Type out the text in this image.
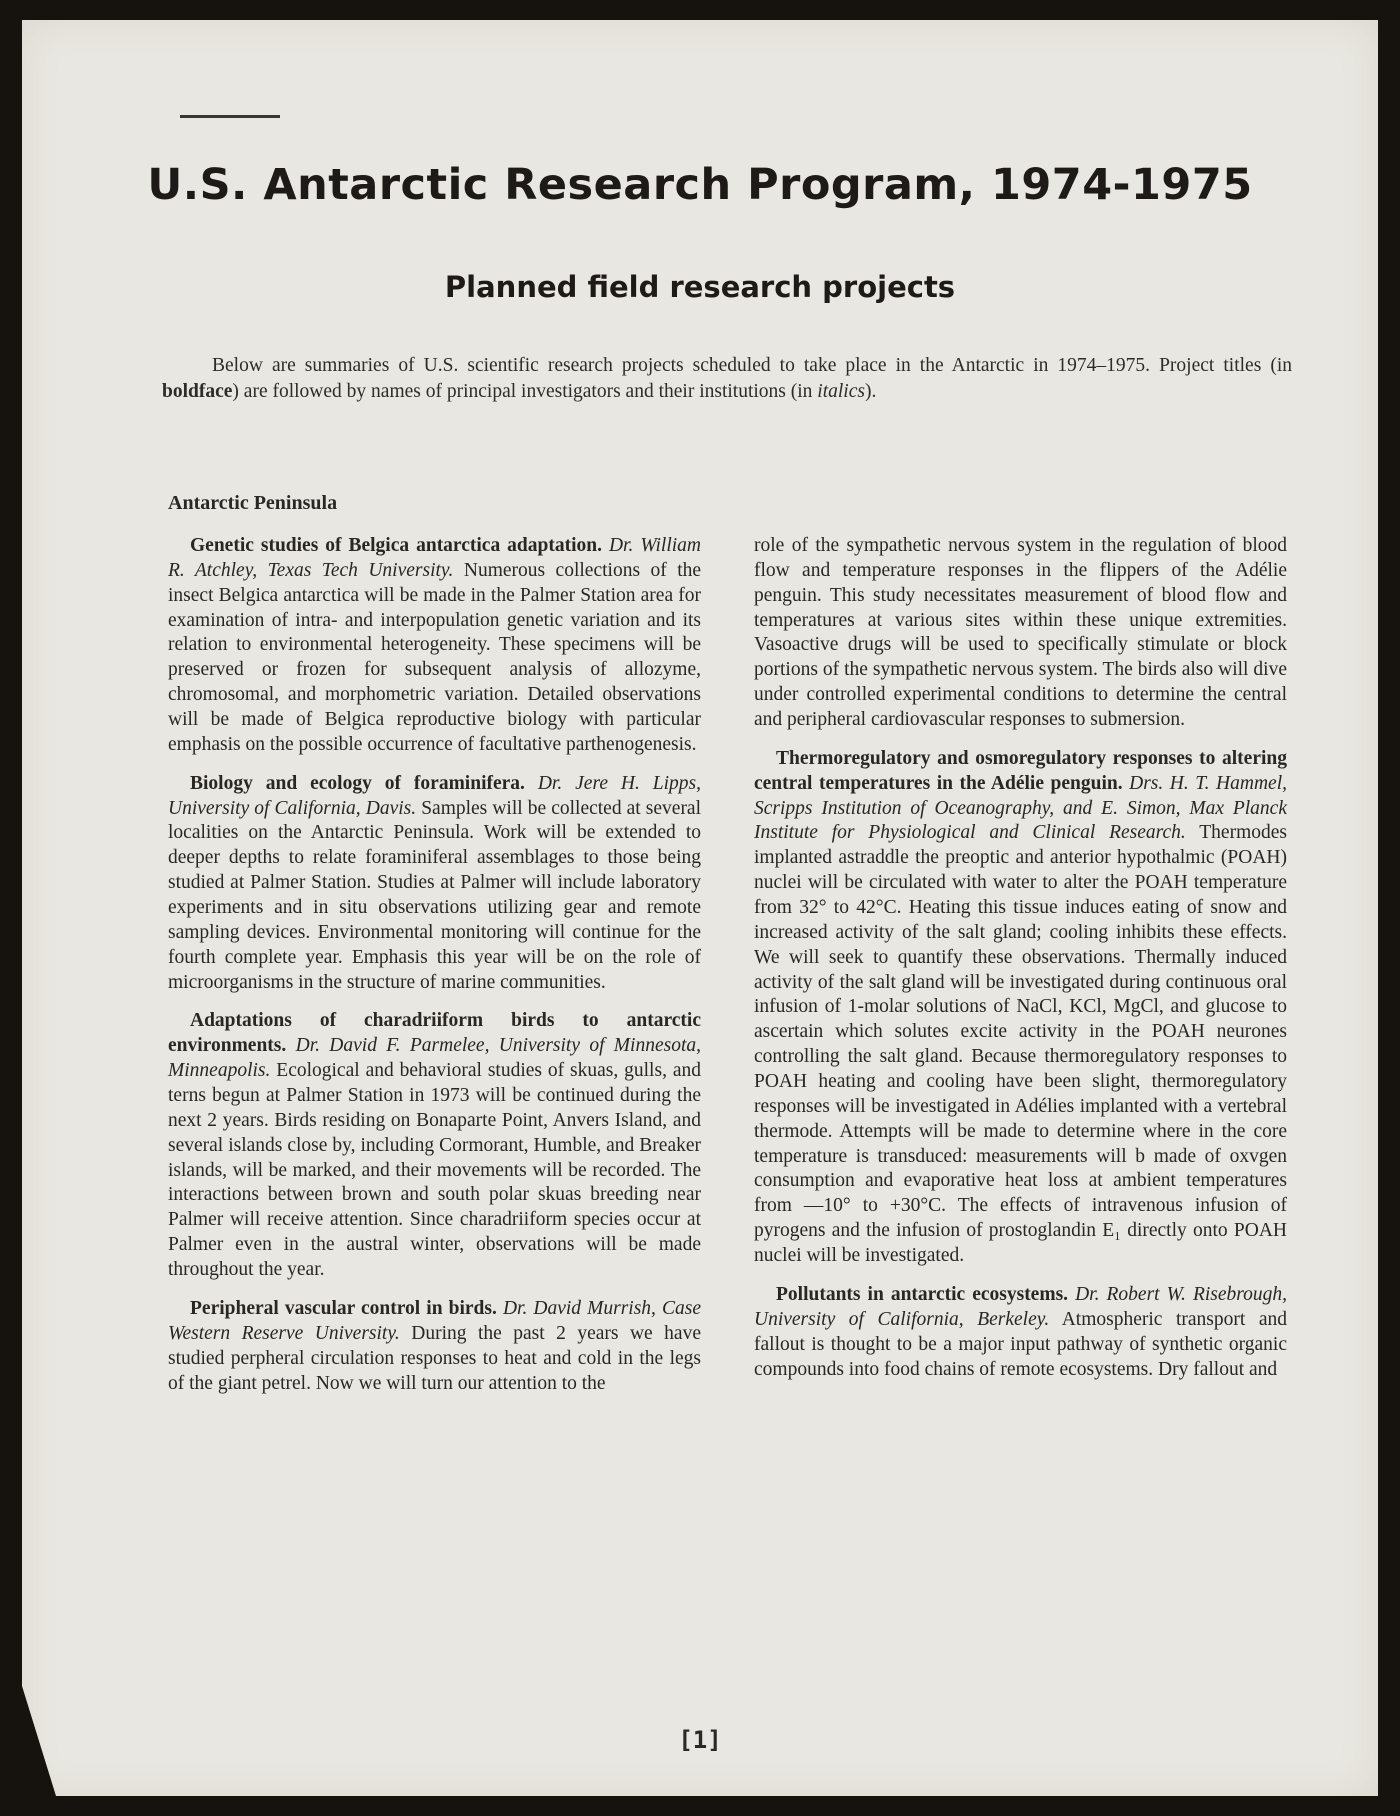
U.S. Antarctic Research Program, 1974-1975
Planned field research projects

Below are summaries of U.S. scientific research projects scheduled to take place in the Antarctic in 1974–1975. Project titles (in boldface) are followed by names of principal investigators and their institutions (in italics).

Antarctic Peninsula

Genetic studies of Belgica antarctica adaptation. Dr. William R. Atchley, Texas Tech University. Numerous collections of the insect Belgica antarctica will be made in the Palmer Station area for examination of intra- and interpopulation genetic variation and its relation to environmental heterogeneity. These specimens will be preserved or frozen for subsequent analysis of allozyme, chromosomal, and morphometric variation. Detailed observations will be made of Belgica reproductive biology with particular emphasis on the possible occurrence of facultative parthenogenesis.

Biology and ecology of foraminifera. Dr. Jere H. Lipps, University of California, Davis. Samples will be collected at several localities on the Antarctic Peninsula. Work will be extended to deeper depths to relate foraminiferal assemblages to those being studied at Palmer Station. Studies at Palmer will include laboratory experiments and in situ observations utilizing gear and remote sampling devices. Environmental monitoring will continue for the fourth complete year. Emphasis this year will be on the role of microorganisms in the structure of marine communities.

Adaptations of charadriiform birds to antarctic environments. Dr. David F. Parmelee, University of Minnesota, Minneapolis. Ecological and behavioral studies of skuas, gulls, and terns begun at Palmer Station in 1973 will be continued during the next 2 years. Birds residing on Bonaparte Point, Anvers Island, and several islands close by, including Cormorant, Humble, and Breaker islands, will be marked, and their movements will be recorded. The interactions between brown and south polar skuas breeding near Palmer will receive attention. Since charadriiform species occur at Palmer even in the austral winter, observations will be made throughout the year.

Peripheral vascular control in birds. Dr. David Murrish, Case Western Reserve University. During the past 2 years we have studied perpheral circulation responses to heat and cold in the legs of the giant petrel. Now we will turn our attention to the

role of the sympathetic nervous system in the regulation of blood flow and temperature responses in the flippers of the Adélie penguin. This study necessitates measurement of blood flow and temperatures at various sites within these unique extremities. Vasoactive drugs will be used to specifically stimulate or block portions of the sympathetic nervous system. The birds also will dive under controlled experimental conditions to determine the central and peripheral cardiovascular responses to submersion.

Thermoregulatory and osmoregulatory responses to altering central temperatures in the Adélie penguin. Drs. H. T. Hammel, Scripps Institution of Oceanography, and E. Simon, Max Planck Institute for Physiological and Clinical Research. Thermodes implanted astraddle the preoptic and anterior hypothalmic (POAH) nuclei will be circulated with water to alter the POAH temperature from 32° to 42°C. Heating this tissue induces eating of snow and increased activity of the salt gland; cooling inhibits these effects. We will seek to quantify these observations. Thermally induced activity of the salt gland will be investigated during continuous oral infusion of 1-molar solutions of NaCl, KCl, MgCl, and glucose to ascertain which solutes excite activity in the POAH neurones controlling the salt gland. Because thermoregulatory responses to POAH heating and cooling have been slight, thermoregulatory responses will be investigated in Adélies implanted with a vertebral thermode. Attempts will be made to determine where in the core temperature is transduced: measurements will b made of oxvgen consumption and evaporative heat loss at ambient temperatures from —10° to +30°C. The effects of intravenous infusion of pyrogens and the infusion of prostoglandin E₁ directly onto POAH nuclei will be investigated.

Pollutants in antarctic ecosystems. Dr. Robert W. Risebrough, University of California, Berkeley. Atmospheric transport and fallout is thought to be a major input pathway of synthetic organic compounds into food chains of remote ecosystems. Dry fallout and

[1]
